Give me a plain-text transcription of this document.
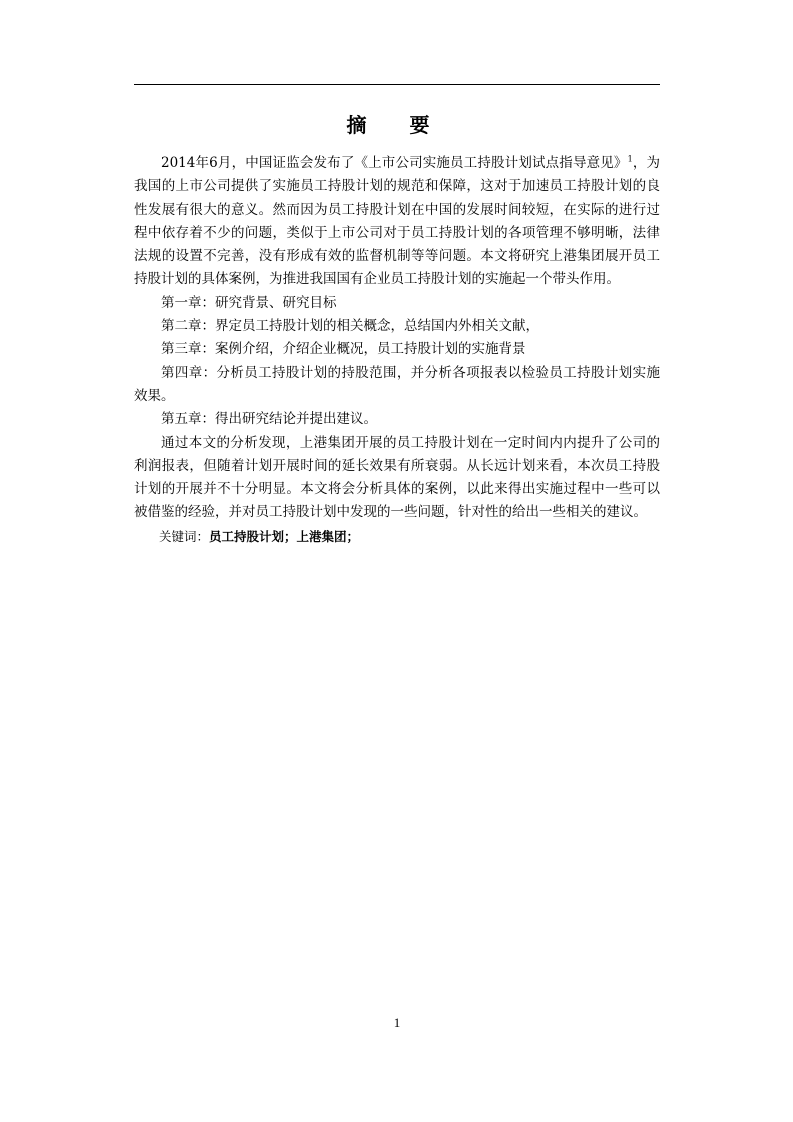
摘 要

2014年6月，中国证监会发布了《上市公司实施员工持股计划试点指导意见》$^1$，为我国的上市公司提供了实施员工持股计划的规范和保障，这对于加速员工持股计划的良性发展有很大的意义。然而因为员工持股计划在中国的发展时间较短，在实际的进行过程中依存着不少的问题，类似于上市公司对于员工持股计划的各项管理不够明晰，法律法规的设置不完善，没有形成有效的监督机制等等问题。本文将研究上港集团展开员工持股计划的具体案例，为推进我国国有企业员工持股计划的实施起一个带头作用。

第一章：研究背景、研究目标

第二章：界定员工持股计划的相关概念，总结国内外相关文献，

第三章：案例介绍，介绍企业概况，员工持股计划的实施背景

第四章：分析员工持股计划的持股范围，并分析各项报表以检验员工持股计划实施效果。

第五章：得出研究结论并提出建议。

通过本文的分析发现，上港集团开展的员工持股计划在一定时间内内提升了公司的利润报表，但随着计划开展时间的延长效果有所衰弱。从长远计划来看，本次员工持股计划的开展并不十分明显。本文将会分析具体的案例，以此来得出实施过程中一些可以被借鉴的经验，并对员工持股计划中发现的一些问题，针对性的给出一些相关的建议。

关键词：员工持股计划；上港集团；

1
